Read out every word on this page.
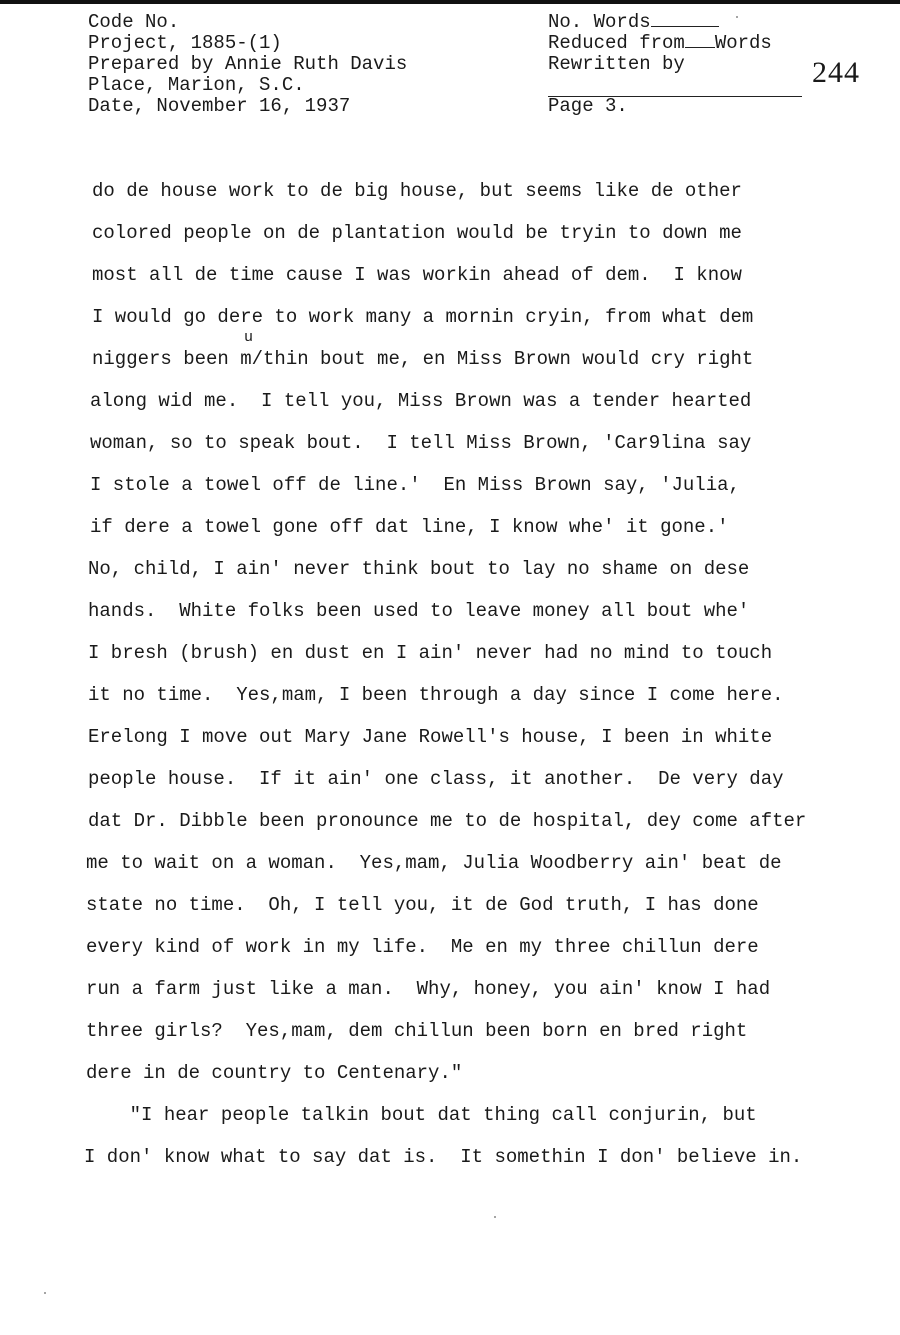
Code No.
Project, 1885-(1)
Prepared by Annie Ruth Davis
Place, Marion, S.C.
Date, November 16, 1937
No. Words
Reduced from Words
Rewritten by
Page 3.
244
u
do de house work to de big house, but seems like de other
colored people on de plantation would be tryin to down me
most all de time cause I was workin ahead of dem.  I know
I would go dere to work many a mornin cryin, from what dem
niggers been m/thin bout me, en Miss Brown would cry right
along wid me.  I tell you, Miss Brown was a tender hearted
woman, so to speak bout.  I tell Miss Brown, 'Car9lina say
I stole a towel off de line.'  En Miss Brown say, 'Julia,
if dere a towel gone off dat line, I know whe' it gone.'
No, child, I ain' never think bout to lay no shame on dese
hands.  White folks been used to leave money all bout whe'
I bresh (brush) en dust en I ain' never had no mind to touch
it no time.  Yes,mam, I been through a day since I come here.
Erelong I move out Mary Jane Rowell's house, I been in white
people house.  If it ain' one class, it another.  De very day
dat Dr. Dibble been pronounce me to de hospital, dey come after
me to wait on a woman.  Yes,mam, Julia Woodberry ain' beat de
state no time.  Oh, I tell you, it de God truth, I has done
every kind of work in my life.  Me en my three chillun dere
run a farm just like a man.  Why, honey, you ain' know I had
three girls?  Yes,mam, dem chillun been born en bred right
dere in de country to Centenary."
"I hear people talkin bout dat thing call conjurin, but
I don' know what to say dat is.  It somethin I don' believe in.
